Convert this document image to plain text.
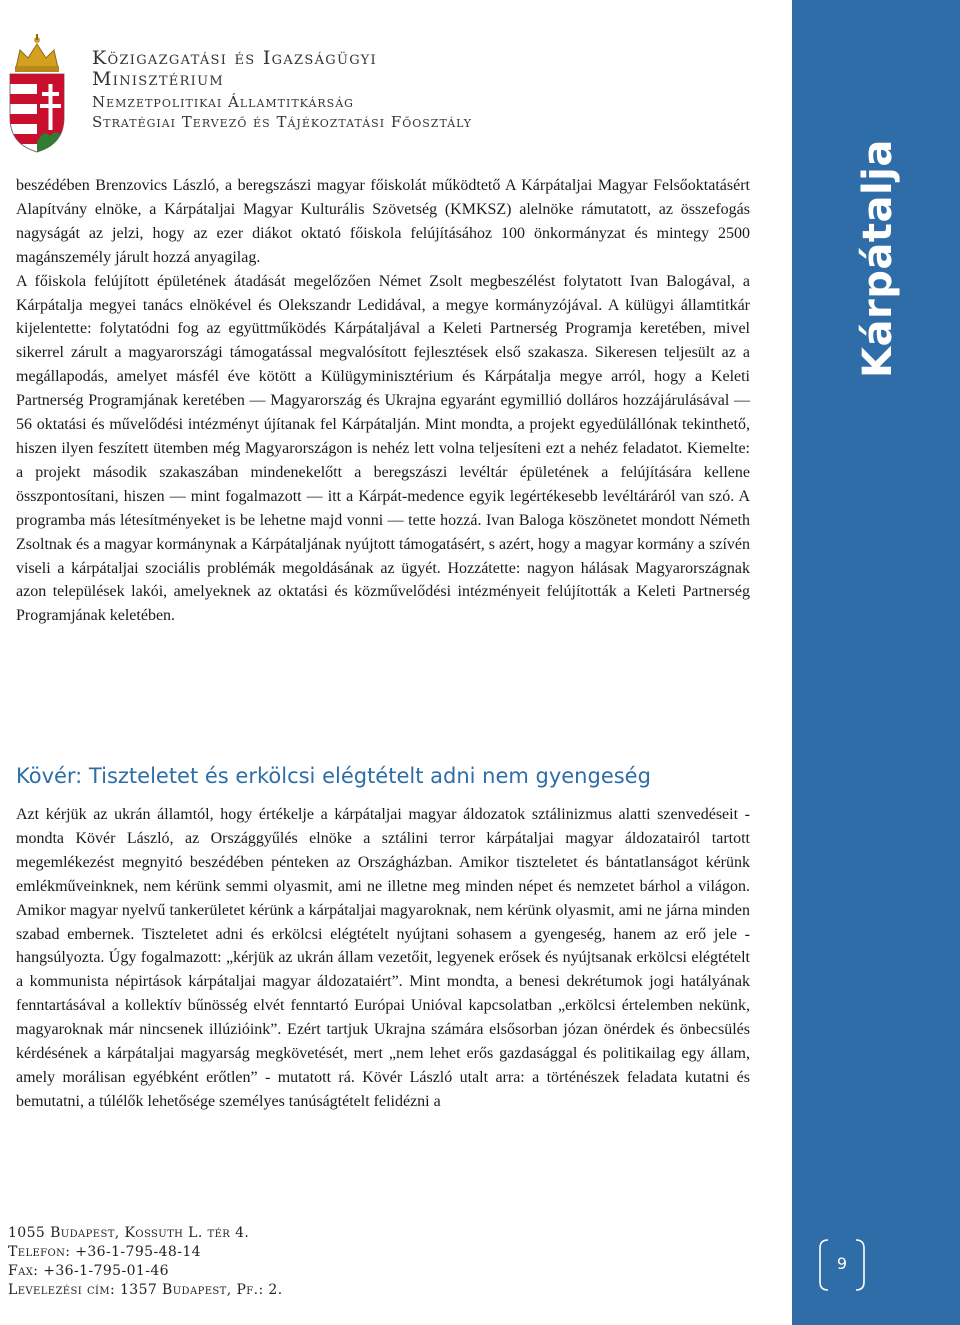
Közigazgatási és Igazságügyi
Minisztérium
Nemzetpolitikai Államtitkárság
Stratégiai Tervező és Tájékoztatási Főosztály

beszédében Brenzovics László, a beregszászi magyar főiskolát működtető A Kárpátaljai Magyar Felsőoktatásért Alapítvány elnöke, a Kárpátaljai Magyar Kulturális Szövetség (KMKSZ) alelnöke rámutatott, az összefogás nagyságát az jelzi, hogy az ezer diákot oktató főiskola felújításához 100 önkormányzat és mintegy 2500 magánszemély járult hozzá anyagilag.

A főiskola felújított épületének átadását megelőzően Német Zsolt megbeszélést folytatott Ivan Balogával, a Kárpátalja megyei tanács elnökével és Olekszandr Ledidával, a megye kormányzójával. A külügyi államtitkár kijelentette: folytatódni fog az együttműködés Kárpátaljával a Keleti Partnerség Programja keretében, mivel sikerrel zárult a magyarországi támogatással megvalósított fejlesztések első szakasza. Sikeresen teljesült az a megállapodás, amelyet másfél éve kötött a Külügyminisztérium és Kárpátalja megye arról, hogy a Keleti Partnerség Programjának keretében — Magyarország és Ukrajna egyaránt egymillió dolláros hozzájárulásával — 56 oktatási és művelődési intézményt újítanak fel Kárpátalján. Mint mondta, a projekt egyedülállónak tekinthető, hiszen ilyen feszített ütemben még Magyarországon is nehéz lett volna teljesíteni ezt a nehéz feladatot. Kiemelte: a projekt második szakaszában mindenekelőtt a beregszászi levéltár épületének a felújítására kellene összpontosítani, hiszen — mint fogalmazott — itt a Kárpát-medence egyik legértékesebb levéltáráról van szó. A programba más létesítményeket is be lehetne majd vonni — tette hozzá. Ivan Baloga köszönetet mondott Németh Zsoltnak és a magyar kormánynak a Kárpátaljának nyújtott támogatásért, s azért, hogy a magyar kormány a szívén viseli a kárpátaljai szociális problémák megoldásának az ügyét. Hozzátette: nagyon hálásak Magyarországnak azon települések lakói, amelyeknek az oktatási és közművelődési intézményeit felújították a Keleti Partnerség Programjának keletében.

Kövér: Tiszteletet és erkölcsi elégtételt adni nem gyengeség

Azt kérjük az ukrán államtól, hogy értékelje a kárpátaljai magyar áldozatok sztálinizmus alatti szenvedéseit - mondta Kövér László, az Országgyűlés elnöke a sztálini terror kárpátaljai magyar áldozatairól tartott megemlékezést megnyitó beszédében pénteken az Országházban. Amikor tiszteletet és bántatlanságot kérünk emlékműveinknek, nem kérünk semmi olyasmit, ami ne illetne meg minden népet és nemzetet bárhol a világon. Amikor magyar nyelvű tankerületet kérünk a kárpátaljai magyaroknak, nem kérünk olyasmit, ami ne járna minden szabad embernek. Tiszteletet adni és erkölcsi elégtételt nyújtani sohasem a gyengeség, hanem az erő jele - hangsúlyozta. Úgy fogalmazott: „kérjük az ukrán állam vezetőit, legyenek erősek és nyújtsanak erkölcsi elégtételt a kommunista népirtások kárpátaljai magyar áldozataiért”. Mint mondta, a benesi dekrétumok jogi hatályának fenntartásával a kollektív bűnösség elvét fenntartó Európai Unióval kapcsolatban „erkölcsi értelemben nekünk, magyaroknak már nincsenek illúzióink”. Ezért tartjuk Ukrajna számára elsősorban józan önérdek és önbecsülés kérdésének a kárpátaljai magyarság megkövetését, mert „nem lehet erős gazdasággal és politikailag egy állam, amely morálisan egyébként erőtlen” - mutatott rá. Kövér László utalt arra: a történészek feladata kutatni és bemutatni, a túlélők lehetősége személyes tanúságtételt felidézni a

1055 Budapest, Kossuth L. tér 4.
Telefon: +36-1-795-48-14
Fax: +36-1-795-01-46
Levelezési cím: 1357 Budapest, Pf.: 2.
Kárpátalja
9
